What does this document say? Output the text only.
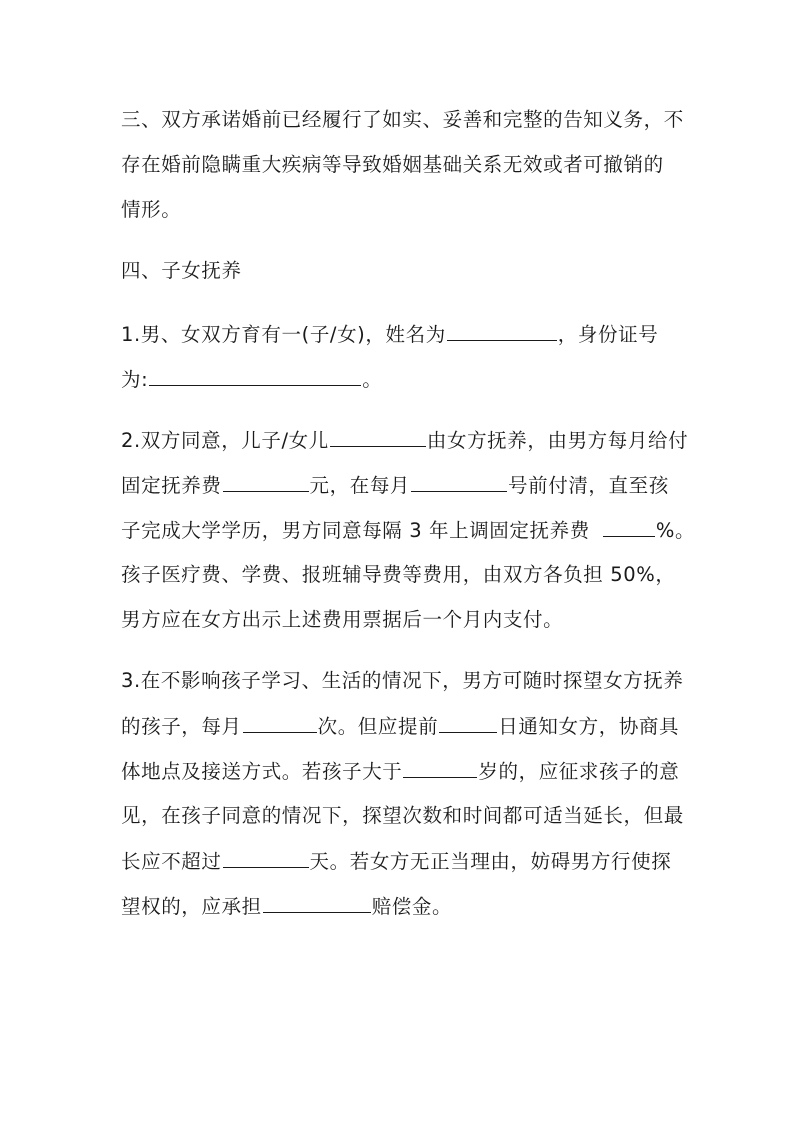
三、双方承诺婚前已经履行了如实、妥善和完整的告知义务，不
存在婚前隐瞒重大疾病等导致婚姻基础关系无效或者可撤销的
情形。
四、子女抚养
1.男、女双方育有一(子/女)，姓名为	，身份证号
为:	。
2.双方同意，儿子/女儿	由女方抚养，由男方每月给付
固定抚养费	元，在每月	号前付清，直至孩
子完成大学学历，男方同意每隔 3 年上调固定抚养费	%。
孩子医疗费、学费、报班辅导费等费用，由双方各负担 50%，
男方应在女方出示上述费用票据后一个月内支付。
3.在不影响孩子学习、生活的情况下，男方可随时探望女方抚养
的孩子，每月	次。但应提前	日通知女方，协商具
体地点及接送方式。若孩子大于	岁的，应征求孩子的意
见，在孩子同意的情况下，探望次数和时间都可适当延长，但最
长应不超过	天。若女方无正当理由，妨碍男方行使探
望权的，应承担	赔偿金。
